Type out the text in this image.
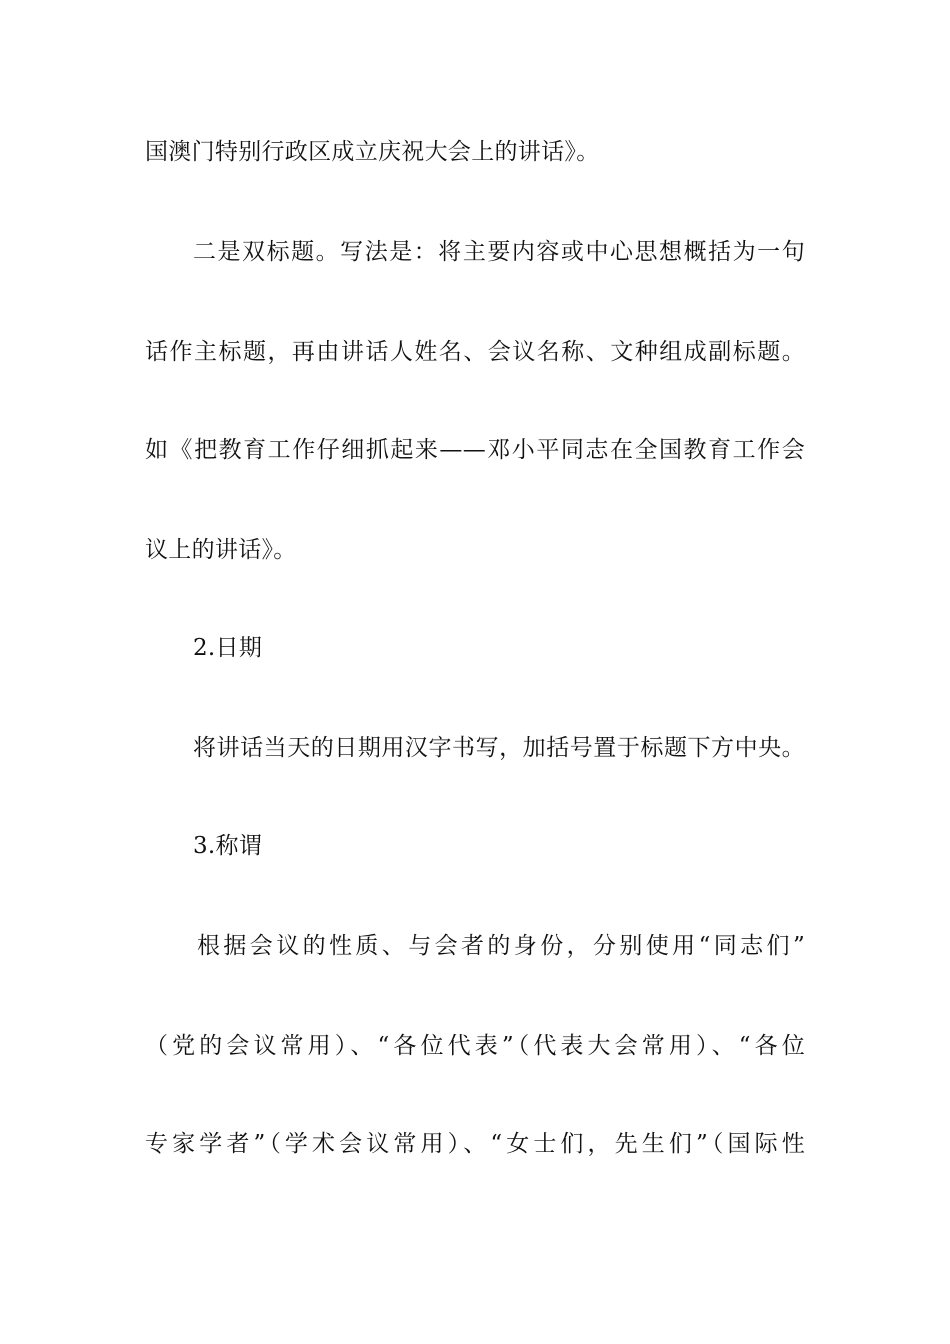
国澳门特别行政区成立庆祝大会上的讲话》。
二是双标题。写法是：将主要内容或中心思想概括为一句
话作主标题，再由讲话人姓名、会议名称、文种组成副标题。
如《把教育工作仔细抓起来——邓小平同志在全国教育工作会
议上的讲话》。
2.日期
将讲话当天的日期用汉字书写，加括号置于标题下方中央。
3.称谓
根据会议的性质、与会者的身份，分别使用“同志们”
（党的会议常用）、“各位代表”（代表大会常用）、“各位
专家学者”（学术会议常用）、“女士们，先生们”（国际性
